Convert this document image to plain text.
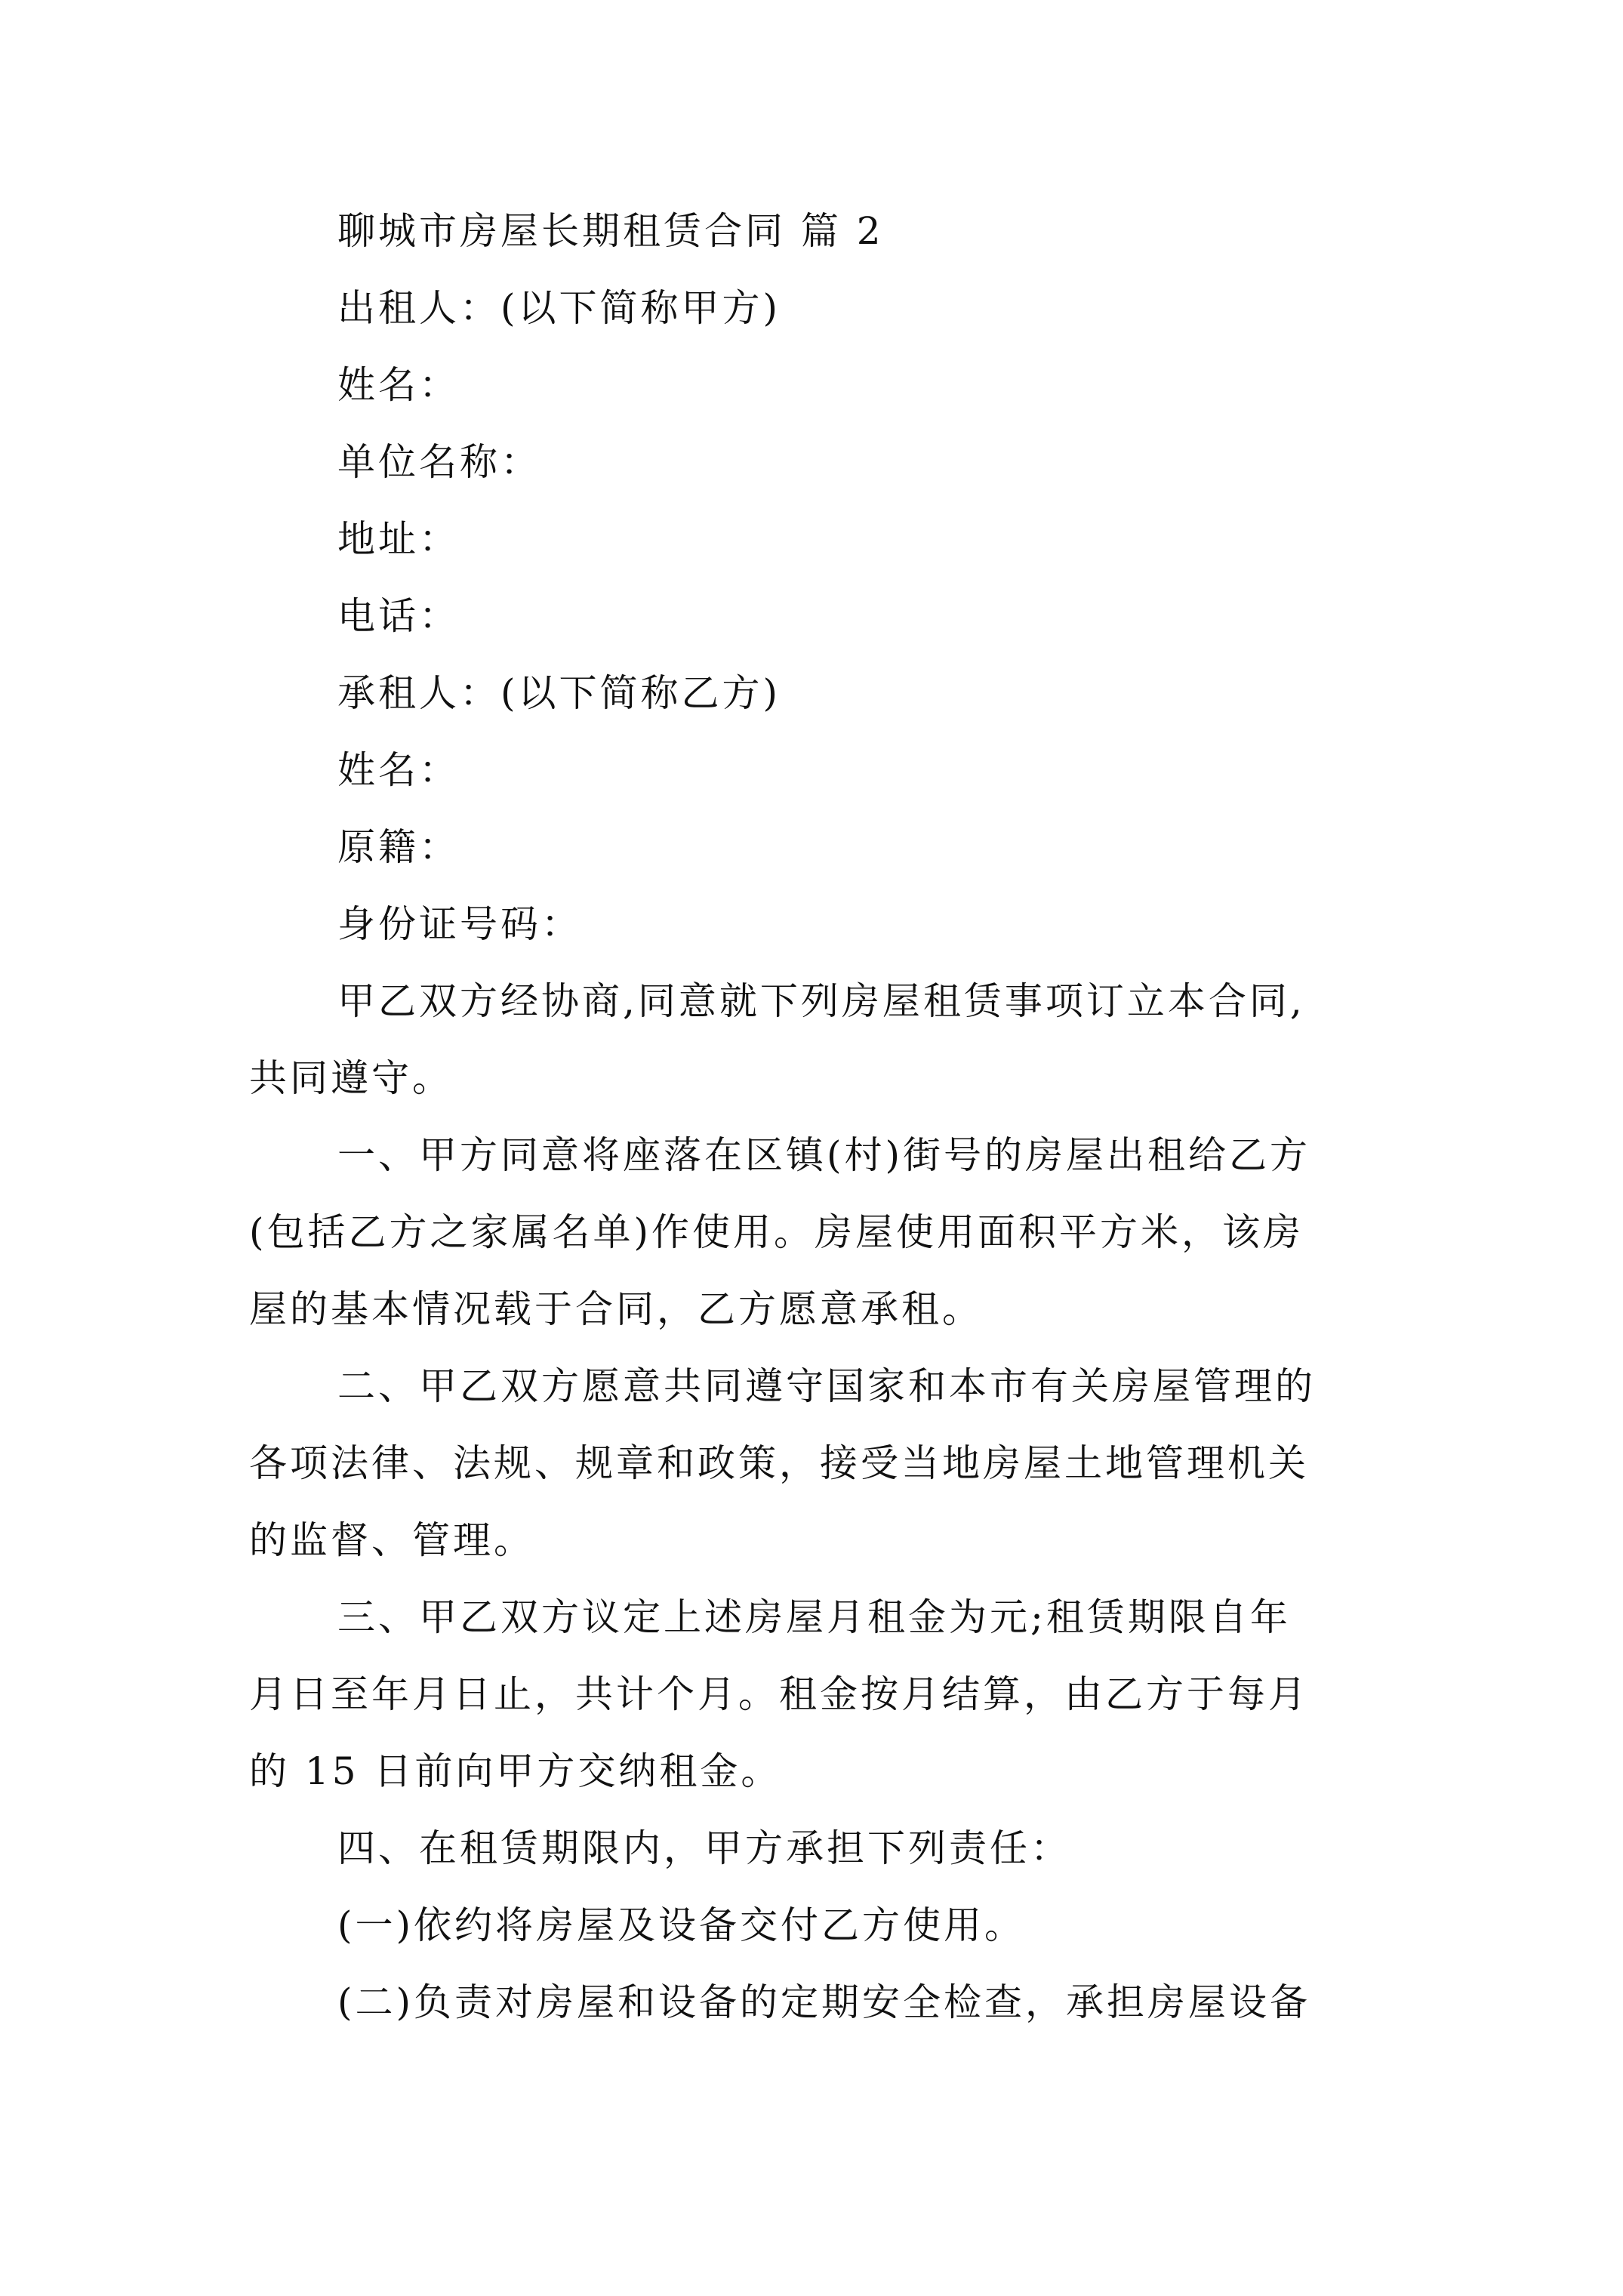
聊城市房屋长期租赁合同 篇 2
出租人：(以下简称甲方)
姓名：
单位名称：
地址：
电话：
承租人：(以下简称乙方)
姓名：
原籍：
身份证号码：
甲乙双方经协商,同意就下列房屋租赁事项订立本合同,
共同遵守。
一、甲方同意将座落在区镇(村)街号的房屋出租给乙方
(包括乙方之家属名单)作使用。房屋使用面积平方米，该房
屋的基本情况载于合同，乙方愿意承租。
二、甲乙双方愿意共同遵守国家和本市有关房屋管理的
各项法律、法规、规章和政策，接受当地房屋土地管理机关
的监督、管理。
三、甲乙双方议定上述房屋月租金为元;租赁期限自年
月日至年月日止，共计个月。租金按月结算，由乙方于每月
的 15 日前向甲方交纳租金。
四、在租赁期限内，甲方承担下列责任：
(一)依约将房屋及设备交付乙方使用。
(二)负责对房屋和设备的定期安全检查，承担房屋设备
